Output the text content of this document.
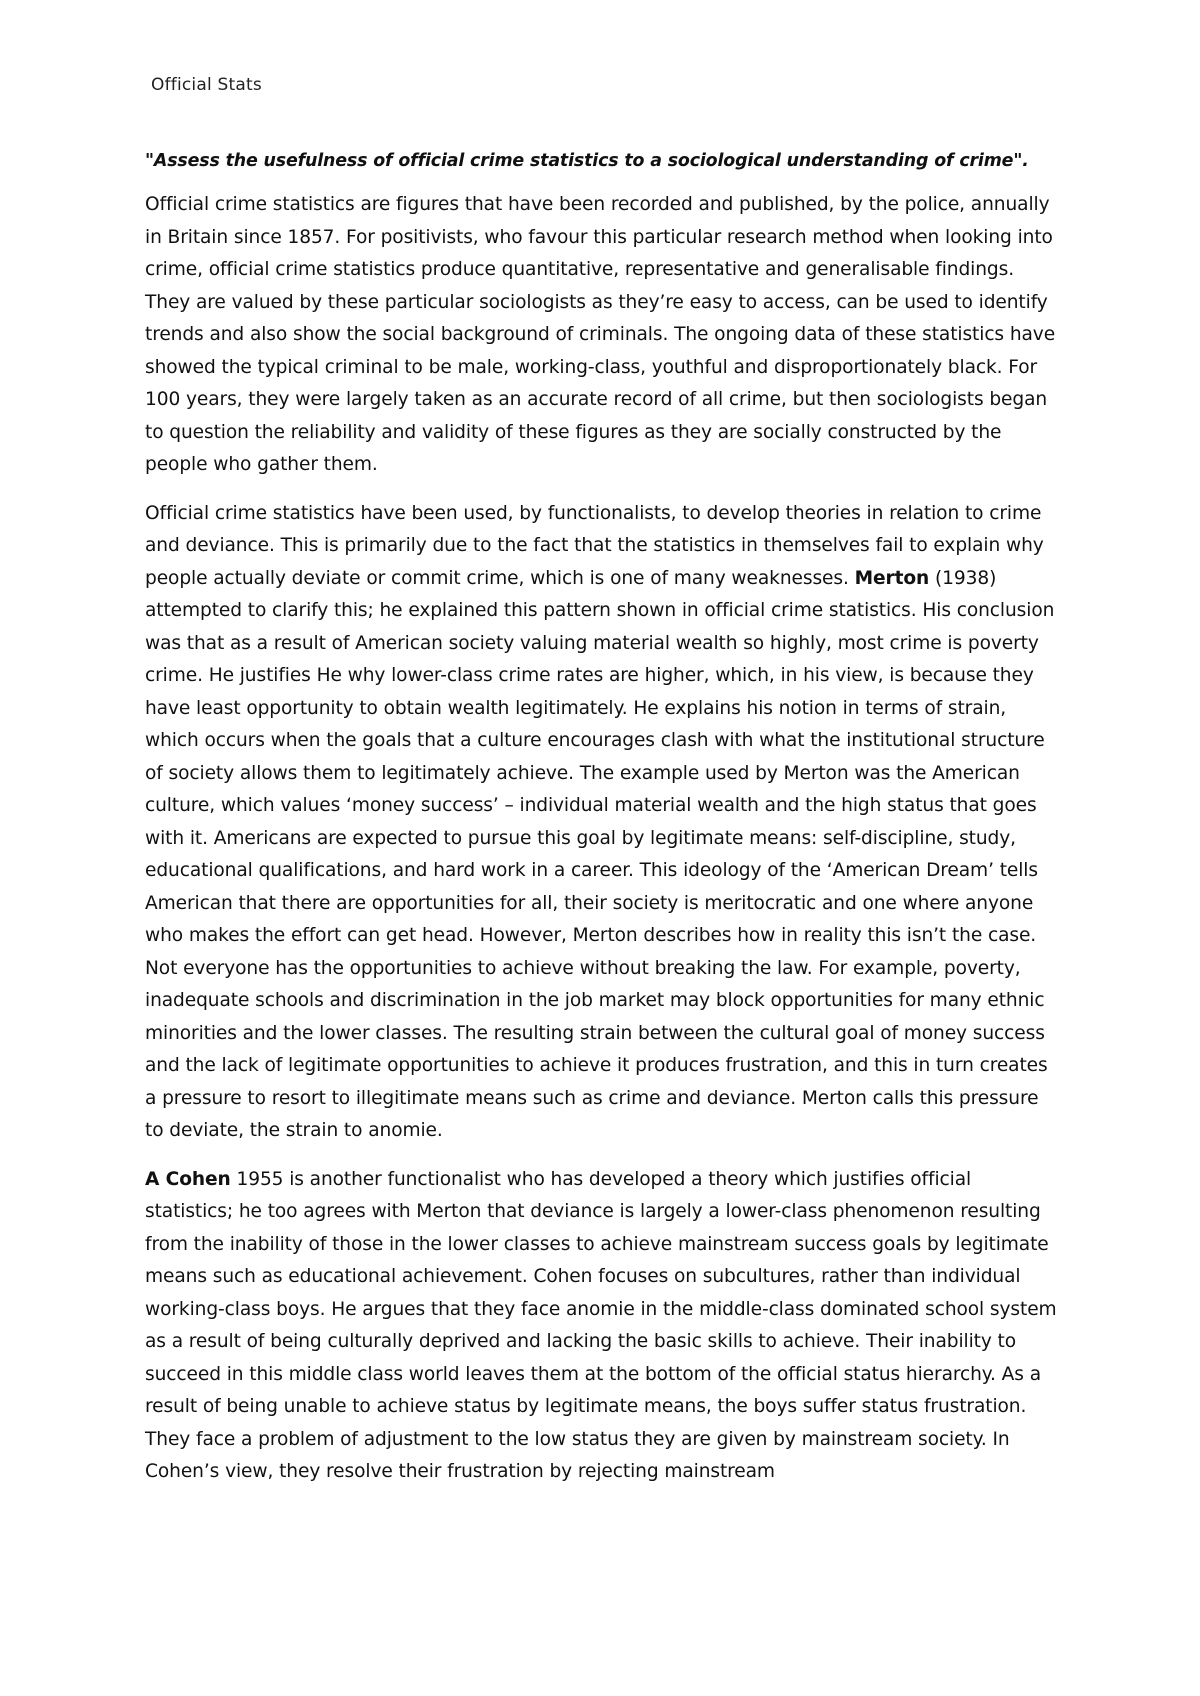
Official Stats

"Assess the usefulness of official crime statistics to a sociological understanding of crime".

Official crime statistics are figures that have been recorded and published, by the police, annually in Britain since 1857. For positivists, who favour this particular research method when looking into crime, official crime statistics produce quantitative, representative and generalisable findings. They are valued by these particular sociologists as they’re easy to access, can be used to identify trends and also show the social background of criminals. The ongoing data of these statistics have showed the typical criminal to be male, working-class, youthful and disproportionately black. For 100 years, they were largely taken as an accurate record of all crime, but then sociologists began to question the reliability and validity of these figures as they are socially constructed by the people who gather them.

Official crime statistics have been used, by functionalists, to develop theories in relation to crime and deviance. This is primarily due to the fact that the statistics in themselves fail to explain why people actually deviate or commit crime, which is one of many weaknesses. Merton (1938) attempted to clarify this; he explained this pattern shown in official crime statistics. His conclusion was that as a result of American society valuing material wealth so highly, most crime is poverty crime. He justifies He why lower-class crime rates are higher, which, in his view, is because they have least opportunity to obtain wealth legitimately. He explains his notion in terms of strain, which occurs when the goals that a culture encourages clash with what the institutional structure of society allows them to legitimately achieve. The example used by Merton was the American culture, which values ‘money success’ – individual material wealth and the high status that goes with it. Americans are expected to pursue this goal by legitimate means: self-discipline, study, educational qualifications, and hard work in a career. This ideology of the ‘American Dream’ tells American that there are opportunities for all, their society is meritocratic and one where anyone who makes the effort can get head. However, Merton describes how in reality this isn’t the case. Not everyone has the opportunities to achieve without breaking the law. For example, poverty, inadequate schools and discrimination in the job market may block opportunities for many ethnic minorities and the lower classes. The resulting strain between the cultural goal of money success and the lack of legitimate opportunities to achieve it produces frustration, and this in turn creates a pressure to resort to illegitimate means such as crime and deviance. Merton calls this pressure to deviate, the strain to anomie.

A Cohen 1955 is another functionalist who has developed a theory which justifies official statistics; he too agrees with Merton that deviance is largely a lower-class phenomenon resulting from the inability of those in the lower classes to achieve mainstream success goals by legitimate means such as educational achievement. Cohen focuses on subcultures, rather than individual working-class boys. He argues that they face anomie in the middle-class dominated school system as a result of being culturally deprived and lacking the basic skills to achieve. Their inability to succeed in this middle class world leaves them at the bottom of the official status hierarchy. As a result of being unable to achieve status by legitimate means, the boys suffer status frustration. They face a problem of adjustment to the low status they are given by mainstream society. In Cohen’s view, they resolve their frustration by rejecting mainstream
